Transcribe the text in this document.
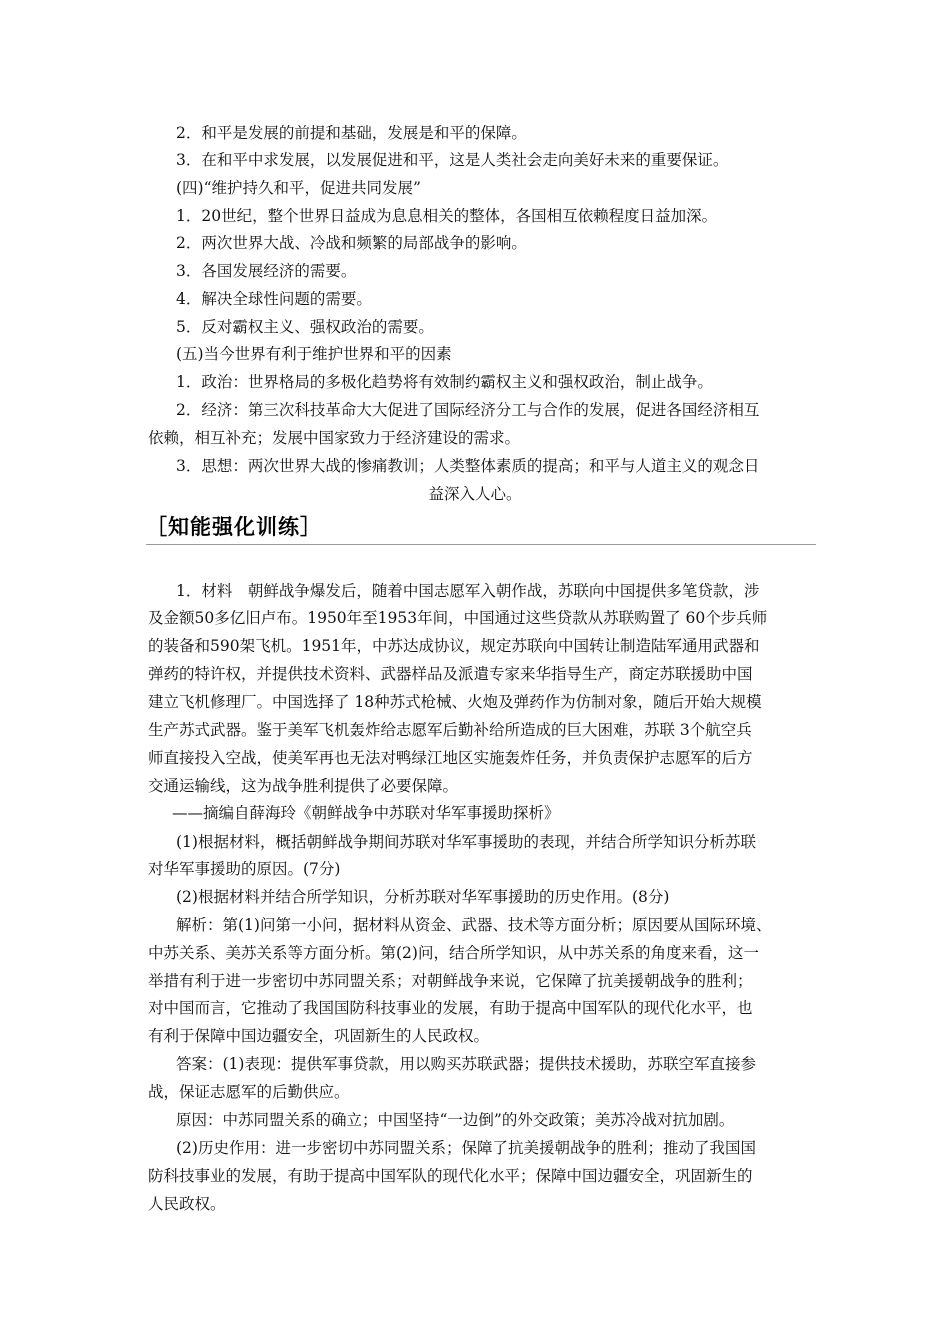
2．和平是发展的前提和基础，发展是和平的保障。
3．在和平中求发展，以发展促进和平，这是人类社会走向美好未来的重要保证。
(四)“维护持久和平，促进共同发展”
1．20世纪，整个世界日益成为息息相关的整体，各国相互依赖程度日益加深。
2．两次世界大战、冷战和频繁的局部战争的影响。
3．各国发展经济的需要。
4．解决全球性问题的需要。
5．反对霸权主义、强权政治的需要。
(五)当今世界有利于维护世界和平的因素
1．政治：世界格局的多极化趋势将有效制约霸权主义和强权政治，制止战争。
2．经济：第三次科技革命大大促进了国际经济分工与合作的发展，促进各国经济相互
依赖，相互补充；发展中国家致力于经济建设的需求。
3．思想：两次世界大战的惨痛教训；人类整体素质的提高；和平与人道主义的观念日
益深入人心。
［知能强化训练］
1．材料　朝鲜战争爆发后，随着中国志愿军入朝作战，苏联向中国提供多笔贷款，涉
及金额50多亿旧卢布。1950年至1953年间，中国通过这些贷款从苏联购置了 60个步兵师
的装备和590架飞机。1951年，中苏达成协议，规定苏联向中国转让制造陆军通用武器和
弹药的特许权，并提供技术资料、武器样品及派遣专家来华指导生产，商定苏联援助中国
建立飞机修理厂。中国选择了 18种苏式枪械、火炮及弹药作为仿制对象，随后开始大规模
生产苏式武器。鉴于美军飞机轰炸给志愿军后勤补给所造成的巨大困难，苏联 3个航空兵
师直接投入空战，使美军再也无法对鸭绿江地区实施轰炸任务，并负责保护志愿军的后方
交通运输线，这为战争胜利提供了必要保障。
——摘编自薛海玲《朝鲜战争中苏联对华军事援助探析》
(1)根据材料，概括朝鲜战争期间苏联对华军事援助的表现，并结合所学知识分析苏联
对华军事援助的原因。(7分)
(2)根据材料并结合所学知识，分析苏联对华军事援助的历史作用。(8分)
解析：第(1)问第一小问，据材料从资金、武器、技术等方面分析；原因要从国际环境、
中苏关系、美苏关系等方面分析。第(2)问，结合所学知识，从中苏关系的角度来看，这一
举措有利于进一步密切中苏同盟关系；对朝鲜战争来说，它保障了抗美援朝战争的胜利；
对中国而言，它推动了我国国防科技事业的发展，有助于提高中国军队的现代化水平，也
有利于保障中国边疆安全，巩固新生的人民政权。
答案：(1)表现：提供军事贷款，用以购买苏联武器；提供技术援助，苏联空军直接参
战，保证志愿军的后勤供应。
原因：中苏同盟关系的确立；中国坚持“一边倒”的外交政策；美苏冷战对抗加剧。
(2)历史作用：进一步密切中苏同盟关系；保障了抗美援朝战争的胜利；推动了我国国
防科技事业的发展，有助于提高中国军队的现代化水平；保障中国边疆安全，巩固新生的
人民政权。
